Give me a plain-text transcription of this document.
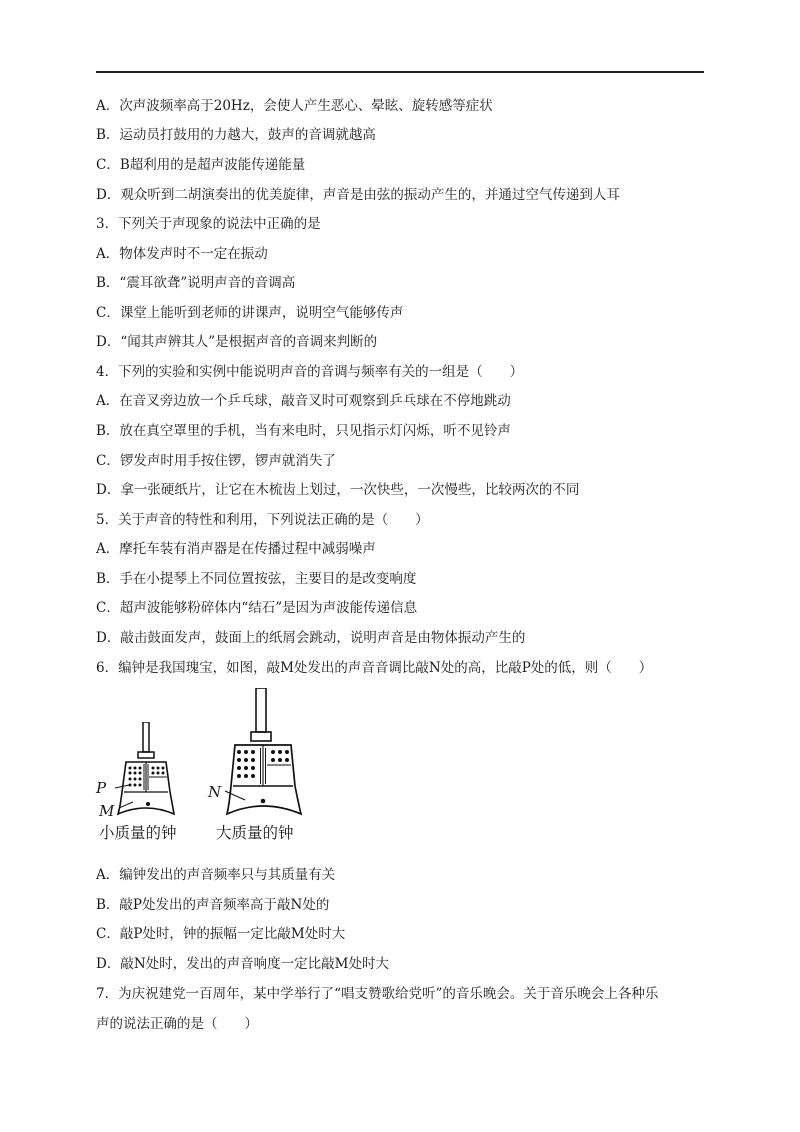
A．次声波频率高于20Hz，会使人产生恶心、晕眩、旋转感等症状
B．运动员打鼓用的力越大，鼓声的音调就越高
C．B超利用的是超声波能传递能量
D．观众听到二胡演奏出的优美旋律，声音是由弦的振动产生的，并通过空气传递到人耳
3．下列关于声现象的说法中正确的是
A．物体发声时不一定在振动
B．“震耳欲聋”说明声音的音调高
C．课堂上能听到老师的讲课声，说明空气能够传声
D．“闻其声辨其人”是根据声音的音调来判断的
4．下列的实验和实例中能说明声音的音调与频率有关的一组是（　　）
A．在音叉旁边放一个乒乓球，敲音叉时可观察到乒乓球在不停地跳动
B．放在真空罩里的手机，当有来电时，只见指示灯闪烁，听不见铃声
C．锣发声时用手按住锣，锣声就消失了
D．拿一张硬纸片，让它在木梳齿上划过，一次快些，一次慢些，比较两次的不同
5．关于声音的特性和利用，下列说法正确的是（　　）
A．摩托车装有消声器是在传播过程中减弱噪声
B．手在小提琴上不同位置按弦，主要目的是改变响度
C．超声波能够粉碎体内“结石”是因为声波能传递信息
D．敲击鼓面发声，鼓面上的纸屑会跳动，说明声音是由物体振动产生的
6．编钟是我国瑰宝，如图，敲M处发出的声音音调比敲N处的高，比敲P处的低，则（　　）
P
M
小质量的钟
N
大质量的钟
A．编钟发出的声音频率只与其质量有关
B．敲P处发出的声音频率高于敲N处的
C．敲P处时，钟的振幅一定比敲M处时大
D．敲N处时，发出的声音响度一定比敲M处时大
7．为庆祝建党一百周年，某中学举行了“唱支赞歌给党听”的音乐晚会。关于音乐晚会上各种乐
声的说法正确的是（　　）
